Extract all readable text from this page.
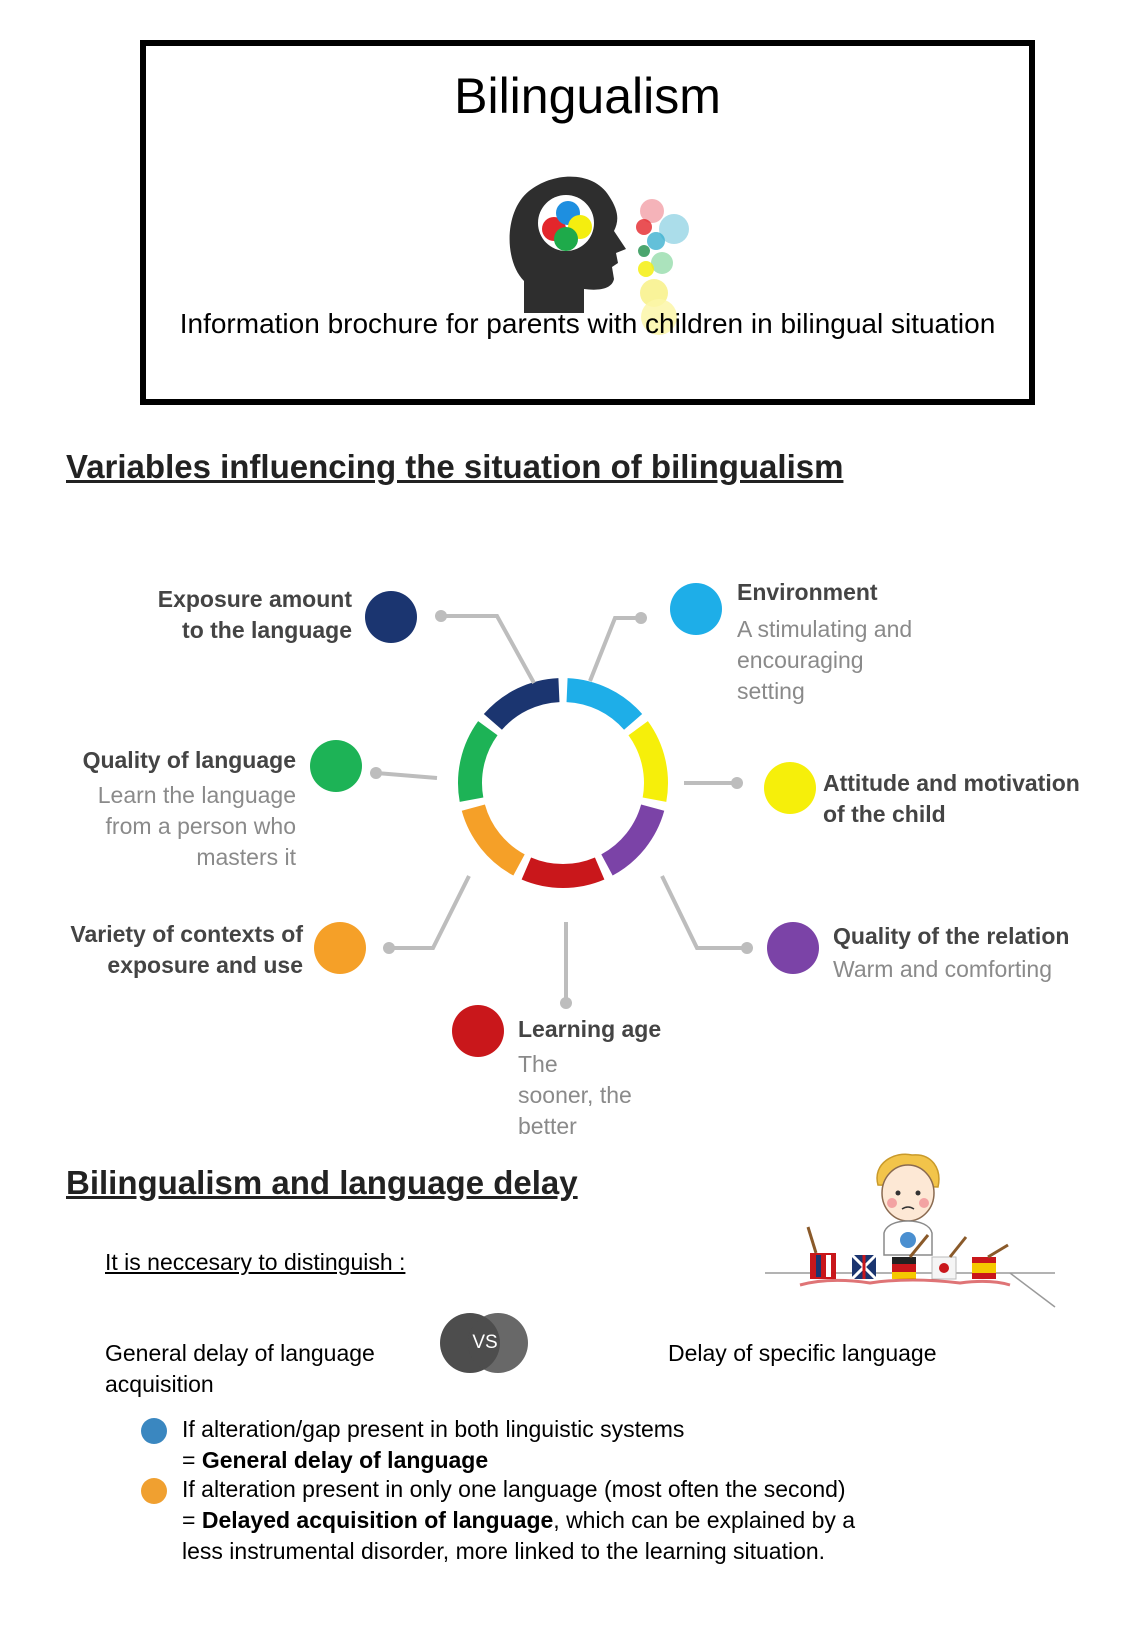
Bilingualism
Information brochure for parents with children in bilingual situation
Variables influencing the situation of bilingualism
Exposure amount
to the language
Environment
A stimulating and
encouraging
setting
Quality of language
Learn the language
from a person who
masters it
Attitude and motivation
of the child
Variety of contexts of
exposure and use
Quality of the relation
Warm and comforting
Learning age
The
sooner, the
better
Bilingualism and language delay
It is neccesary to distinguish :
General delay of language
acquisition
VS	Delay of specific language
If alteration/gap present in both linguistic systems
= General delay of language
If alteration present in only one language (most often the second)
= Delayed acquisition of language, which can be explained by a
less instrumental disorder, more linked to the learning situation.
